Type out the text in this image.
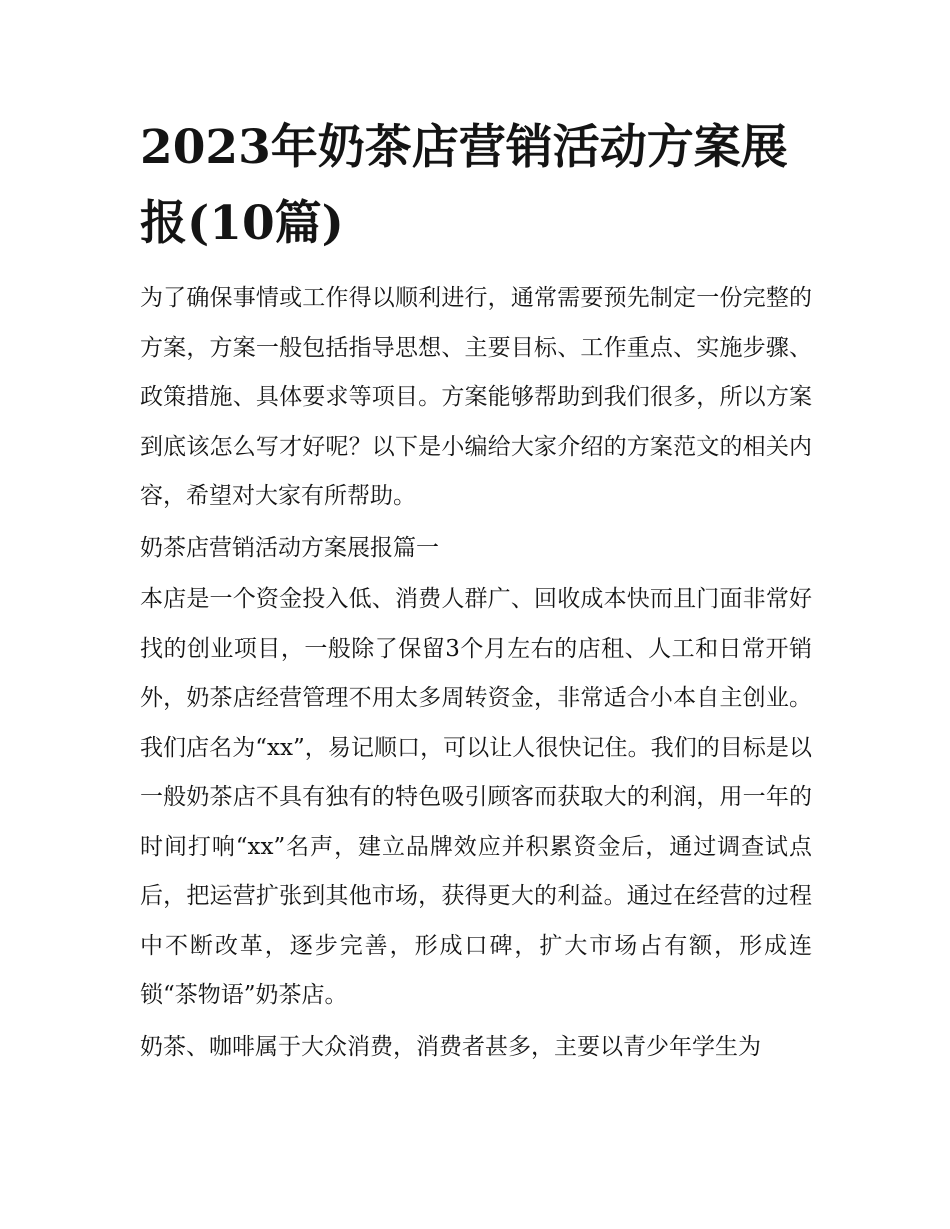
2023年奶茶店营销活动方案展报(10篇)

为了确保事情或工作得以顺利进行，通常需要预先制定一份完整的方案，方案一般包括指导思想、主要目标、工作重点、实施步骤、政策措施、具体要求等项目。方案能够帮助到我们很多，所以方案到底该怎么写才好呢？以下是小编给大家介绍的方案范文的相关内容，希望对大家有所帮助。

奶茶店营销活动方案展报篇一

本店是一个资金投入低、消费人群广、回收成本快而且门面非常好找的创业项目，一般除了保留3个月左右的店租、人工和日常开销外，奶茶店经营管理不用太多周转资金，非常适合小本自主创业。我们店名为“xx”，易记顺口，可以让人很快记住。我们的目标是以一般奶茶店不具有独有的特色吸引顾客而获取大的利润，用一年的时间打响“xx”名声，建立品牌效应并积累资金后，通过调查试点后，把运营扩张到其他市场，获得更大的利益。通过在经营的过程中不断改革，逐步完善，形成口碑，扩大市场占有额，形成连锁“茶物语”奶茶店。

奶茶、咖啡属于大众消费，消费者甚多，主要以青少年学生为
